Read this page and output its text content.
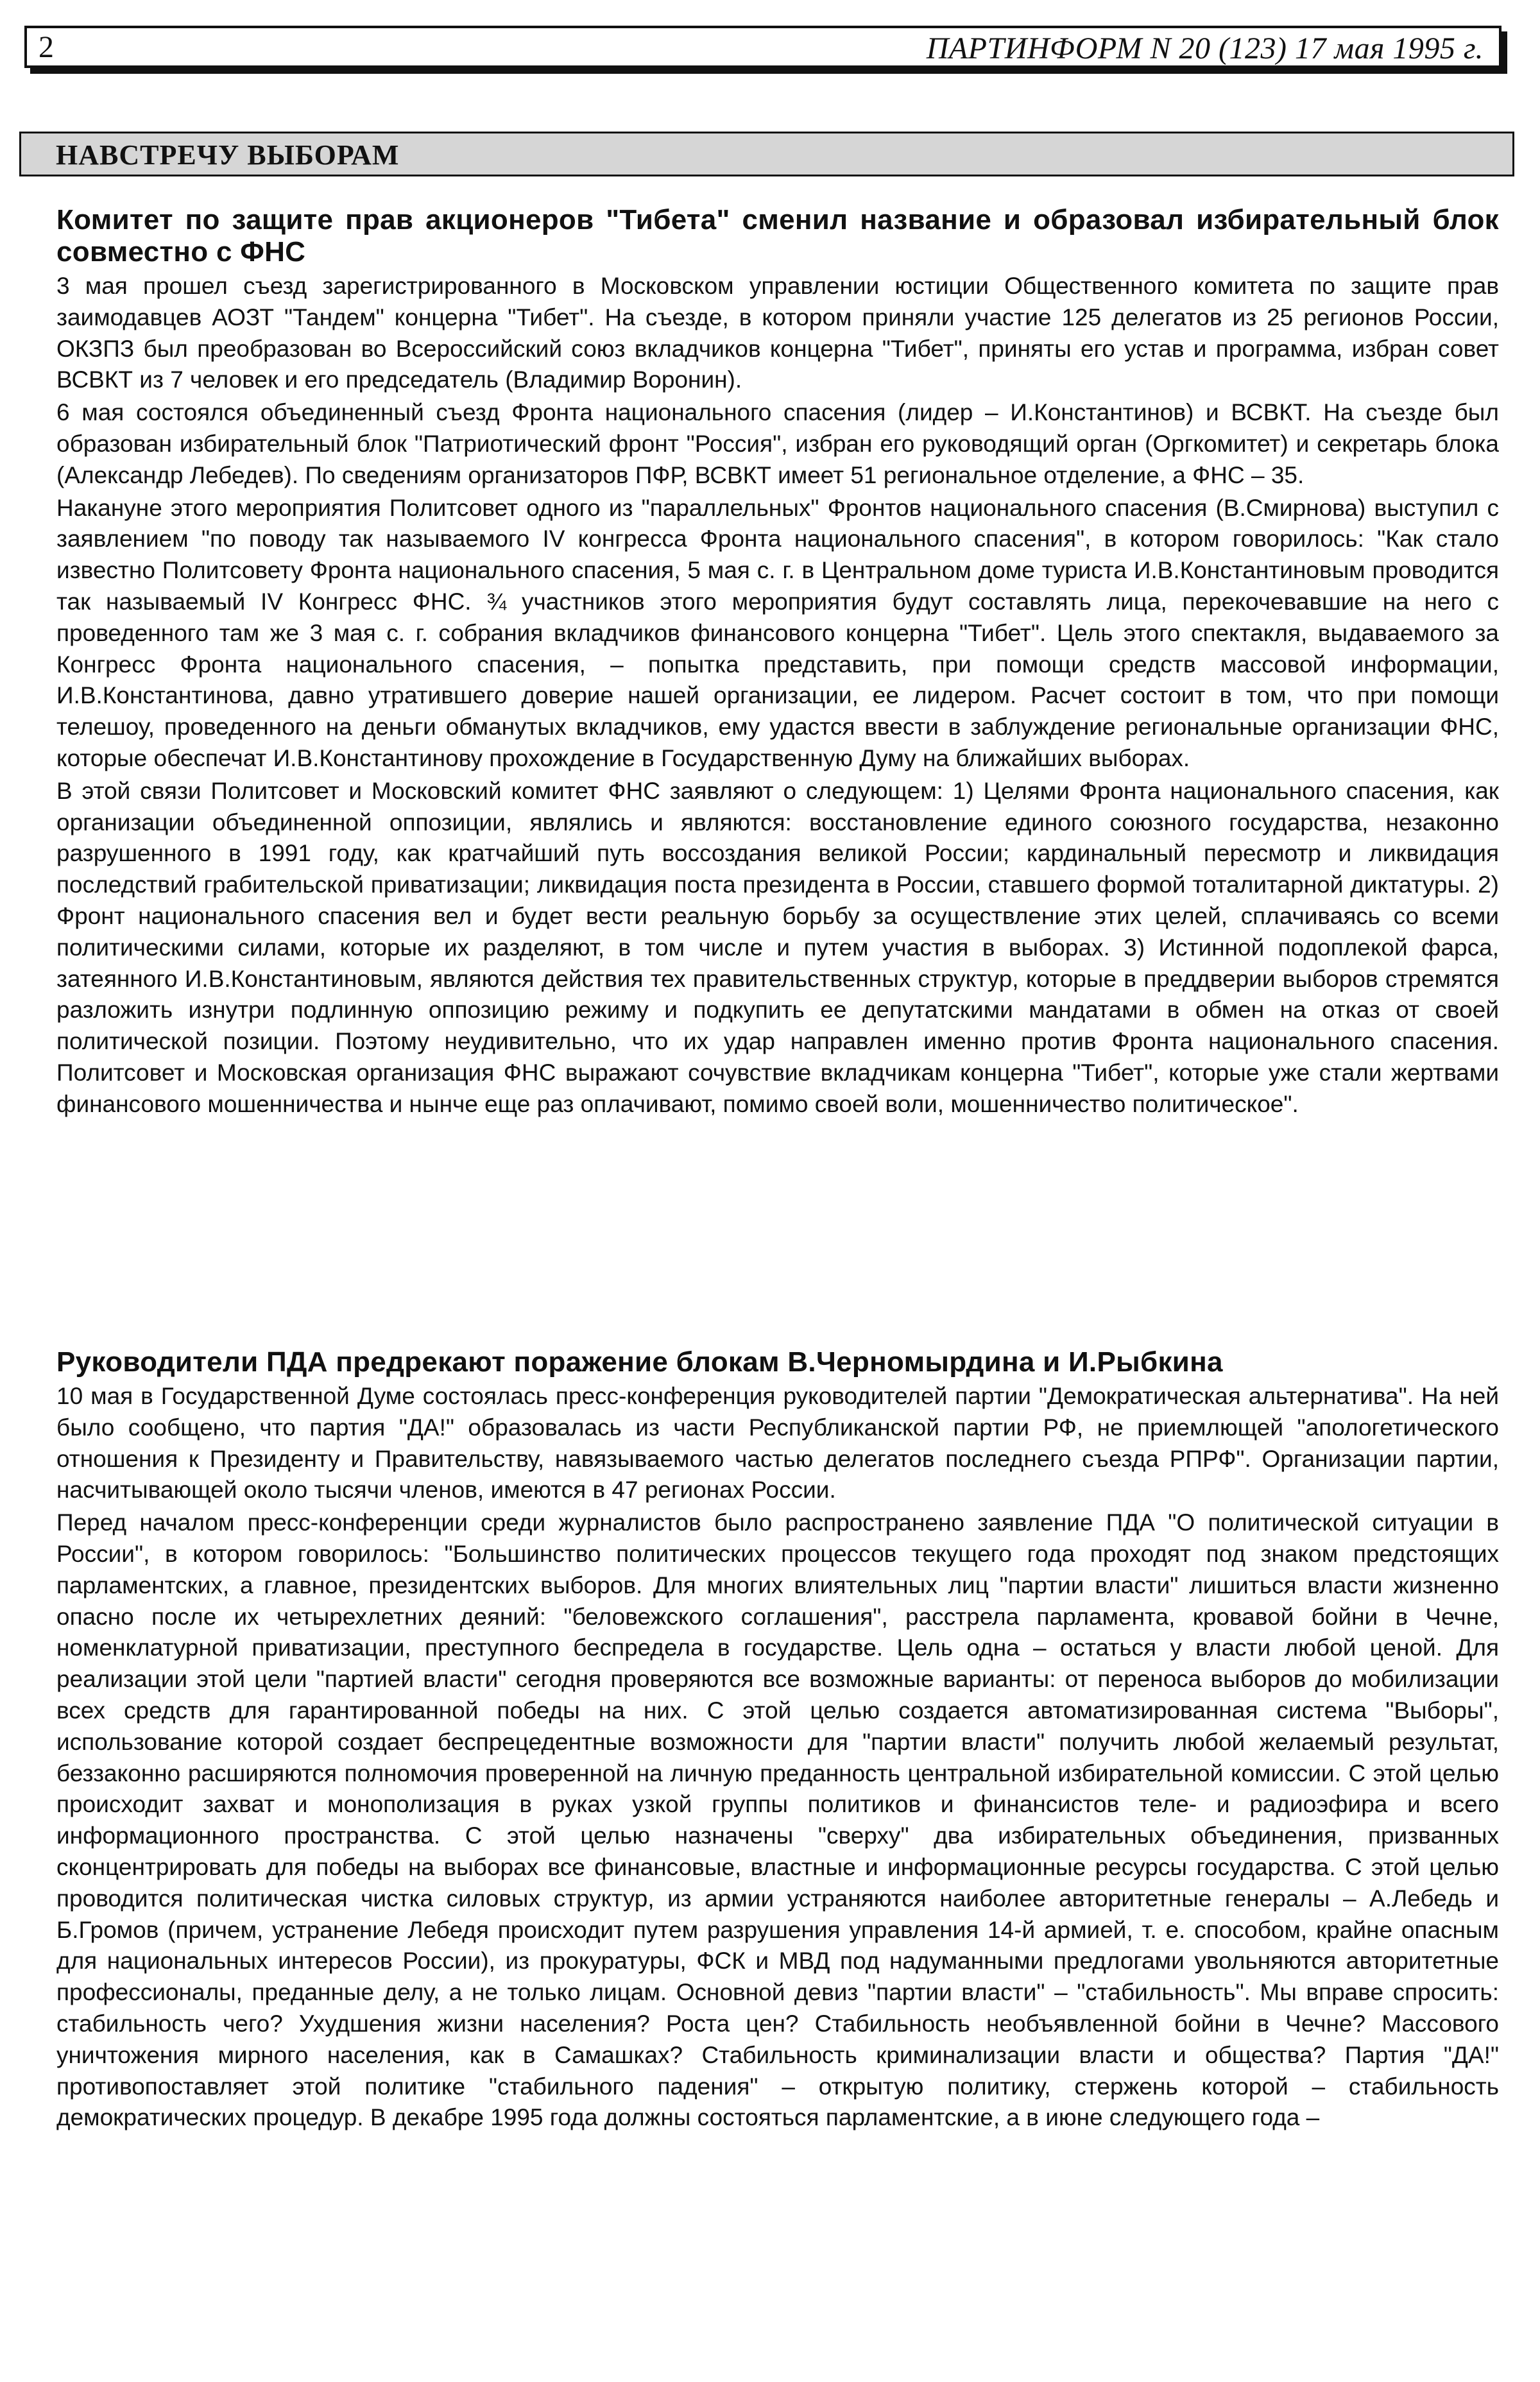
2	ПАРТИНФОРМ N 20 (123) 17 мая 1995 г.
НАВСТРЕЧУ ВЫБОРАМ
Комитет по защите прав акционеров "Тибета" сменил название и образовал избирательный блок совместно с ФНС
3 мая прошел съезд зарегистрированного в Московском управлении юстиции Общественного комитета по защите прав заимодавцев АОЗТ "Тандем" концерна "Тибет". На съезде, в котором приняли участие 125 делегатов из 25 регионов России, ОКЗПЗ был преобразован во Всероссийский союз вкладчиков концерна "Тибет", приняты его устав и программа, избран совет ВСВКТ из 7 человек и его председатель (Владимир Воронин).
6 мая состоялся объединенный съезд Фронта национального спасения (лидер – И.Константинов) и ВСВКТ. На съезде был образован избирательный блок "Патриотический фронт "Россия", избран его руководящий орган (Оргкомитет) и секретарь блока (Александр Лебедев). По сведениям организаторов ПФР, ВСВКТ имеет 51 региональное отделение, а ФНС – 35.
Накануне этого мероприятия Политсовет одного из "параллельных" Фронтов национального спасения (В.Смирнова) выступил с заявлением "по поводу так называемого IV конгресса Фронта национального спасения", в котором говорилось: "Как стало известно Политсовету Фронта национального спасения, 5 мая с. г. в Центральном доме туриста И.В.Константиновым проводится так называемый IV Конгресс ФНС. ¾ участников этого мероприятия будут составлять лица, перекочевавшие на него с проведенного там же 3 мая с. г. собрания вкладчиков финансового концерна "Тибет". Цель этого спектакля, выдаваемого за Конгресс Фронта национального спасения, – попытка представить, при помощи средств массовой информации, И.В.Константинова, давно утратившего доверие нашей организации, ее лидером. Расчет состоит в том, что при помощи телешоу, проведенного на деньги обманутых вкладчиков, ему удастся ввести в заблуждение региональные организации ФНС, которые обеспечат И.В.Константинову прохождение в Государственную Думу на ближайших выборах.
В этой связи Политсовет и Московский комитет ФНС заявляют о следующем: 1) Целями Фронта национального спасения, как организации объединенной оппозиции, являлись и являются: восстановление единого союзного государства, незаконно разрушенного в 1991 году, как кратчайший путь воссоздания великой России; кардинальный пересмотр и ликвидация последствий грабительской приватизации; ликвидация поста президента в России, ставшего формой тоталитарной диктатуры. 2) Фронт национального спасения вел и будет вести реальную борьбу за осуществление этих целей, сплачиваясь со всеми политическими силами, которые их разделяют, в том числе и путем участия в выборах. 3) Истинной подоплекой фарса, затеянного И.В.Константиновым, являются действия тех правительственных структур, которые в преддверии выборов стремятся разложить изнутри подлинную оппозицию режиму и подкупить ее депутатскими мандатами в обмен на отказ от своей политической позиции. Поэтому неудивительно, что их удар направлен именно против Фронта национального спасения. Политсовет и Московская организация ФНС выражают сочувствие вкладчикам концерна "Тибет", которые уже стали жертвами финансового мошенничества и нынче еще раз оплачивают, помимо своей воли, мошенничество политическое".
Руководители ПДА предрекают поражение блокам В.Черномырдина и И.Рыбкина
10 мая в Государственной Думе состоялась пресс-конференция руководителей партии "Демократическая альтернатива". На ней было сообщено, что партия "ДА!" образовалась из части Республиканской партии РФ, не приемлющей "апологетического отношения к Президенту и Правительству, навязываемого частью делегатов последнего съезда РПРФ". Организации партии, насчитывающей около тысячи членов, имеются в 47 регионах России.
Перед началом пресс-конференции среди журналистов было распространено заявление ПДА "О политической ситуации в России", в котором говорилось: "Большинство политических процессов текущего года проходят под знаком предстоящих парламентских, а главное, президентских выборов. Для многих влиятельных лиц "партии власти" лишиться власти жизненно опасно после их четырехлетних деяний: "беловежского соглашения", расстрела парламента, кровавой бойни в Чечне, номенклатурной приватизации, преступного беспредела в государстве. Цель одна – остаться у власти любой ценой. Для реализации этой цели "партией власти" сегодня проверяются все возможные варианты: от переноса выборов до мобилизации всех средств для гарантированной победы на них. С этой целью создается автоматизированная система "Выборы", использование которой создает беспрецедентные возможности для "партии власти" получить любой желаемый результат, беззаконно расширяются полномочия проверенной на личную преданность центральной избирательной комиссии. С этой целью происходит захват и монополизация в руках узкой группы политиков и финансистов теле- и радиоэфира и всего информационного пространства. С этой целью назначены "сверху" два избирательных объединения, призванных сконцентрировать для победы на выборах все финансовые, властные и информационные ресурсы государства. С этой целью проводится политическая чистка силовых структур, из армии устраняются наиболее авторитетные генералы – А.Лебедь и Б.Громов (причем, устранение Лебедя происходит путем разрушения управления 14-й армией, т. е. способом, крайне опасным для национальных интересов России), из прокуратуры, ФСК и МВД под надуманными предлогами увольняются авторитетные профессионалы, преданные делу, а не только лицам. Основной девиз "партии власти" – "стабильность". Мы вправе спросить: стабильность чего? Ухудшения жизни населения? Роста цен? Стабильность необъявленной бойни в Чечне? Массового уничтожения мирного населения, как в Самашках? Стабильность криминализации власти и общества? Партия "ДА!" противопоставляет этой политике "стабильного падения" – открытую политику, стержень которой – стабильность демократических процедур. В декабре 1995 года должны состояться парламентские, а в июне следующего года –
